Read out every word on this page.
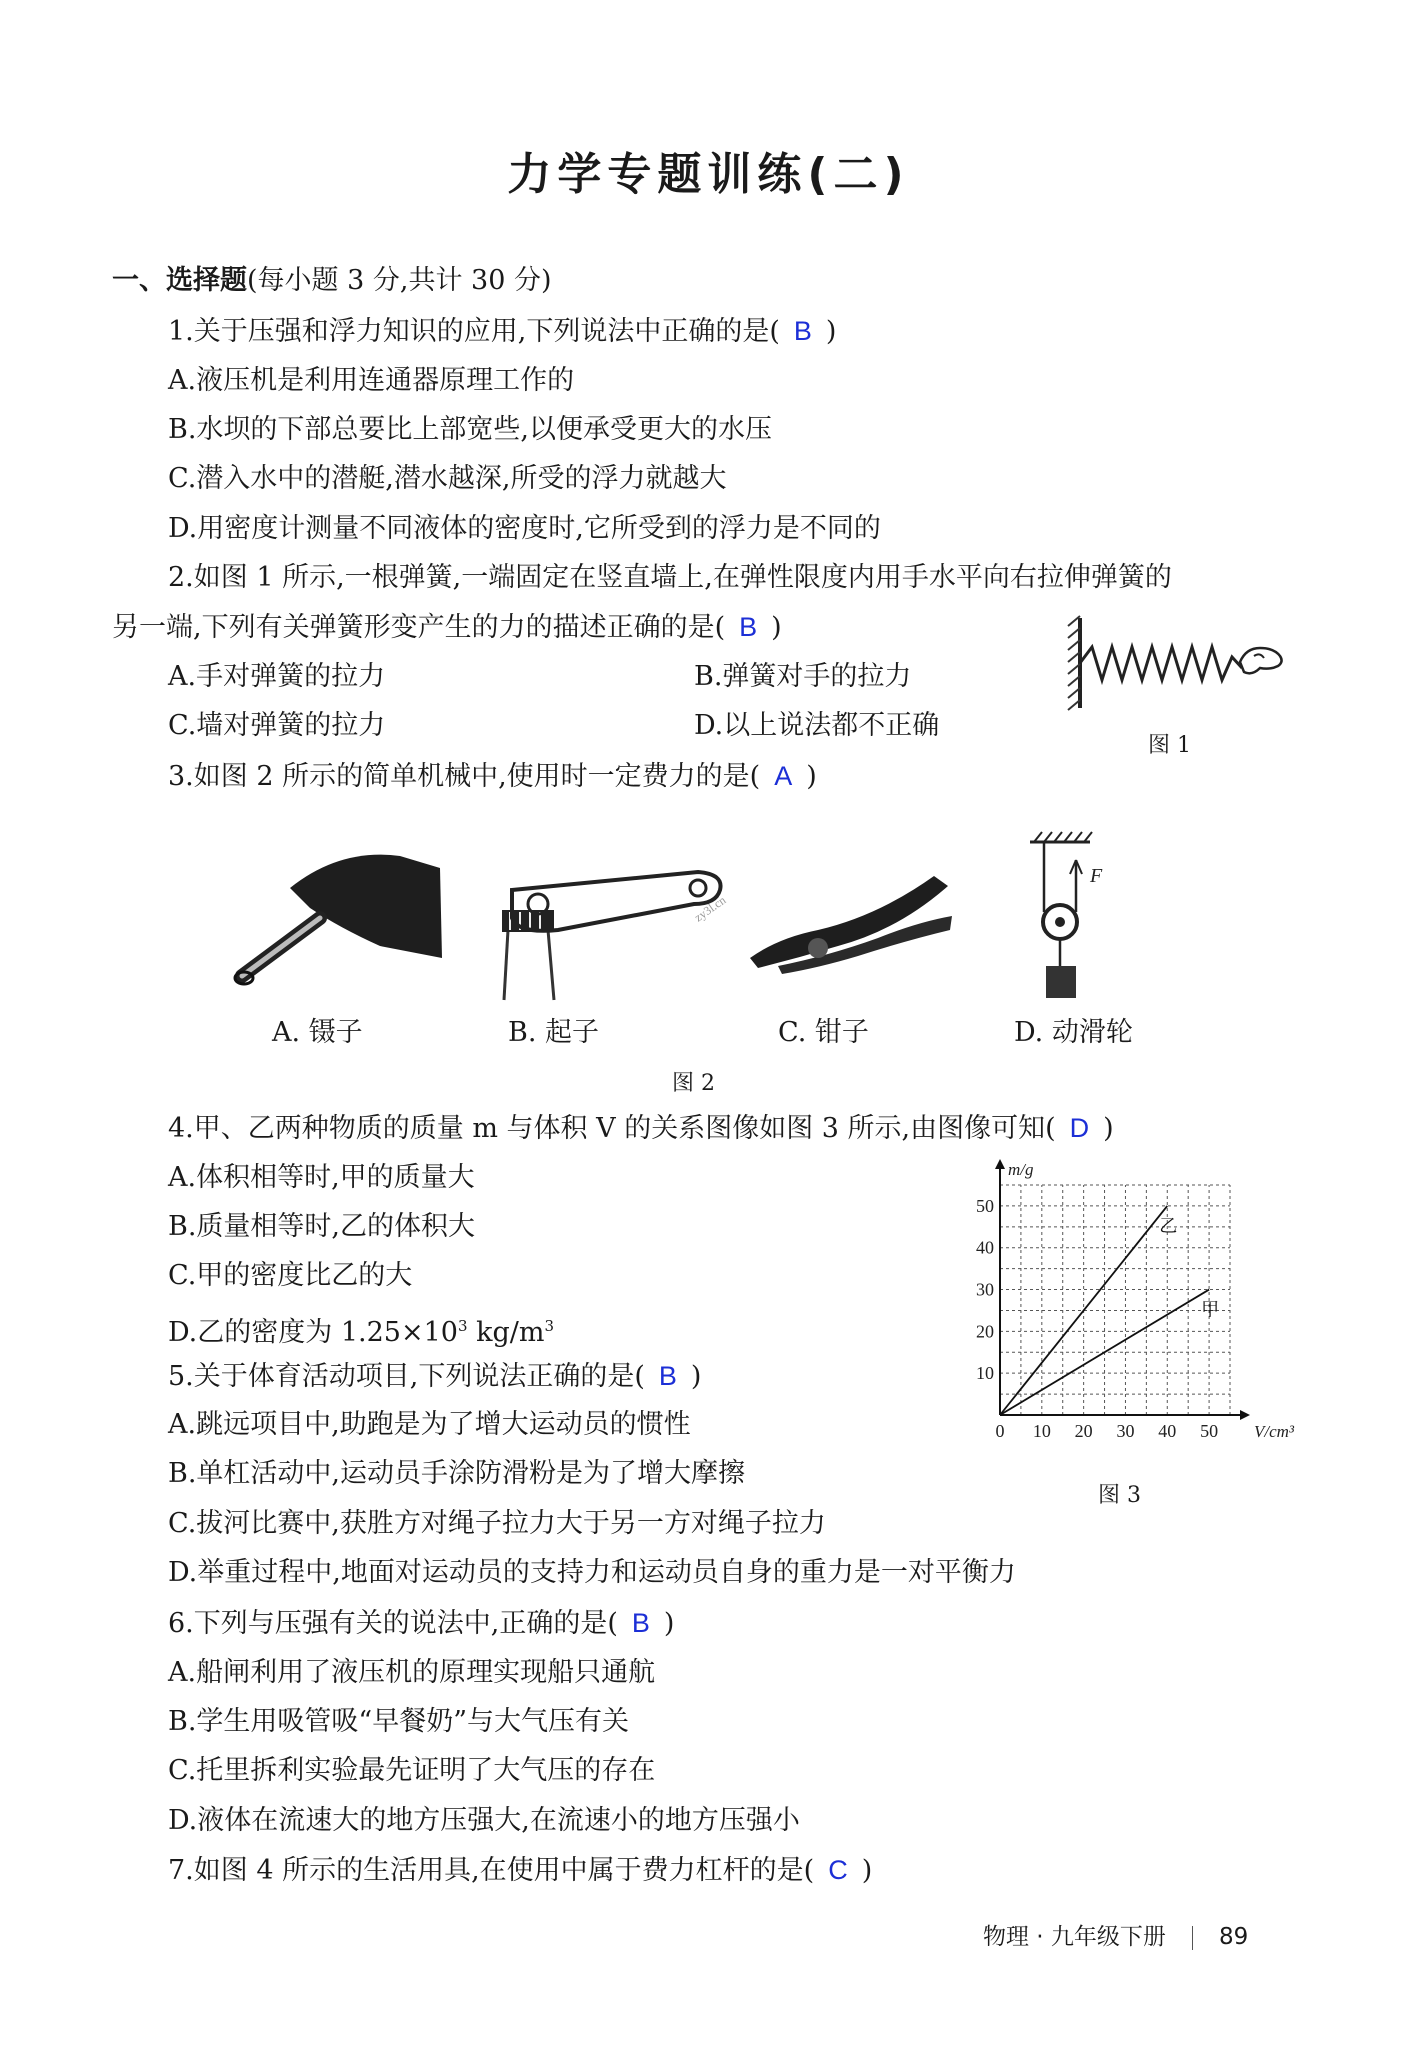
力学专题训练(二)
一、选择题(每小题 3 分,共计 30 分)
1.关于压强和浮力知识的应用,下列说法中正确的是( B )
A.液压机是利用连通器原理工作的
B.水坝的下部总要比上部宽些,以便承受更大的水压
C.潜入水中的潜艇,潜水越深,所受的浮力就越大
D.用密度计测量不同液体的密度时,它所受到的浮力是不同的
2.如图 1 所示,一根弹簧,一端固定在竖直墙上,在弹性限度内用手水平向右拉伸弹簧的
另一端,下列有关弹簧形变产生的力的描述正确的是( B )
A.手对弹簧的拉力	B.弹簧对手的拉力
C.墙对弹簧的拉力	D.以上说法都不正确
图 1
3.如图 2 所示的简单机械中,使用时一定费力的是( A )
zy3l.cn
F
A. 镊子	B. 起子	C. 钳子	D. 动滑轮
图 2
4.甲、乙两种物质的质量 m 与体积 V 的关系图像如图 3 所示,由图像可知( D )
A.体积相等时,甲的质量大
B.质量相等时,乙的体积大
C.甲的密度比乙的大
D.乙的密度为 $1.25\times 10^3$ $kg/m^3$
0 10 20 30 40 50
10
20
30
40
50
V/cm³
m/g
乙
甲
图 3
5.关于体育活动项目,下列说法正确的是( B )
A.跳远项目中,助跑是为了增大运动员的惯性
B.单杠活动中,运动员手涂防滑粉是为了增大摩擦
C.拔河比赛中,获胜方对绳子拉力大于另一方对绳子拉力
D.举重过程中,地面对运动员的支持力和运动员自身的重力是一对平衡力
6.下列与压强有关的说法中,正确的是( B )
A.船闸利用了液压机的原理实现船只通航
B.学生用吸管吸“早餐奶”与大气压有关
C.托里拆利实验最先证明了大气压的存在
D.液体在流速大的地方压强大,在流速小的地方压强小
7.如图 4 所示的生活用具,在使用中属于费力杠杆的是( C )
物理 · 九年级下册 89
